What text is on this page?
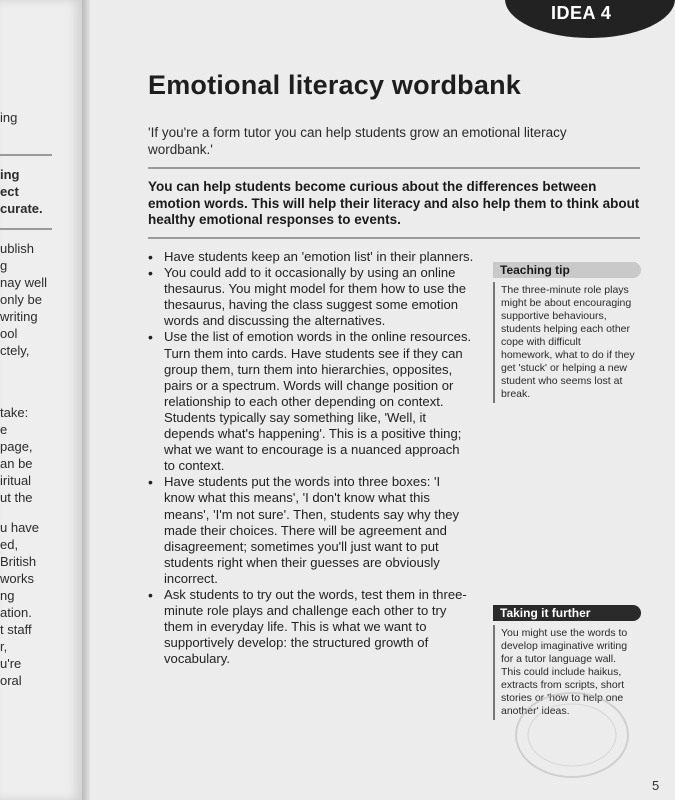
ing
ing
ect
curate.
ublish
g
nay well
only be
writing
ool
ctely,
take:
e
page,
an be
iritual
ut the
u have
ed,
British
works
ng
ation.
t staff
r,
u're
oral
IDEA 4
Emotional literacy wordbank
'If you're a form tutor you can help students grow an emotional literacy wordbank.'
You can help students become curious about the differences between emotion words. This will help their literacy and also help them to think about healthy emotional responses to events.
• Have students keep an 'emotion list' in their planners.
• You could add to it occasionally by using an online thesaurus. You might model for them how to use the thesaurus, having the class suggest some emotion words and discussing the alternatives.
• Use the list of emotion words in the online resources. Turn them into cards. Have students see if they can group them, turn them into hierarchies, opposites, pairs or a spectrum. Words will change position or relationship to each other depending on context. Students typically say something like, 'Well, it depends what's happening'. This is a positive thing; what we want to encourage is a nuanced approach to context.
• Have students put the words into three boxes: 'I know what this means', 'I don't know what this means', 'I'm not sure'. Then, students say why they made their choices. There will be agreement and disagreement; sometimes you'll just want to put students right when their guesses are obviously incorrect.
• Ask students to try out the words, test them in three-minute role plays and challenge each other to try them in everyday life. This is what we want to supportively develop: the structured growth of vocabulary.
Teaching tip
The three-minute role plays might be about encouraging supportive behaviours, students helping each other cope with difficult homework, what to do if they get 'stuck' or helping a new student who seems lost at break.
Taking it further
You might use the words to develop imaginative writing for a tutor language wall. This could include haikus, extracts from scripts, short stories or 'how to help one another' ideas.
5
